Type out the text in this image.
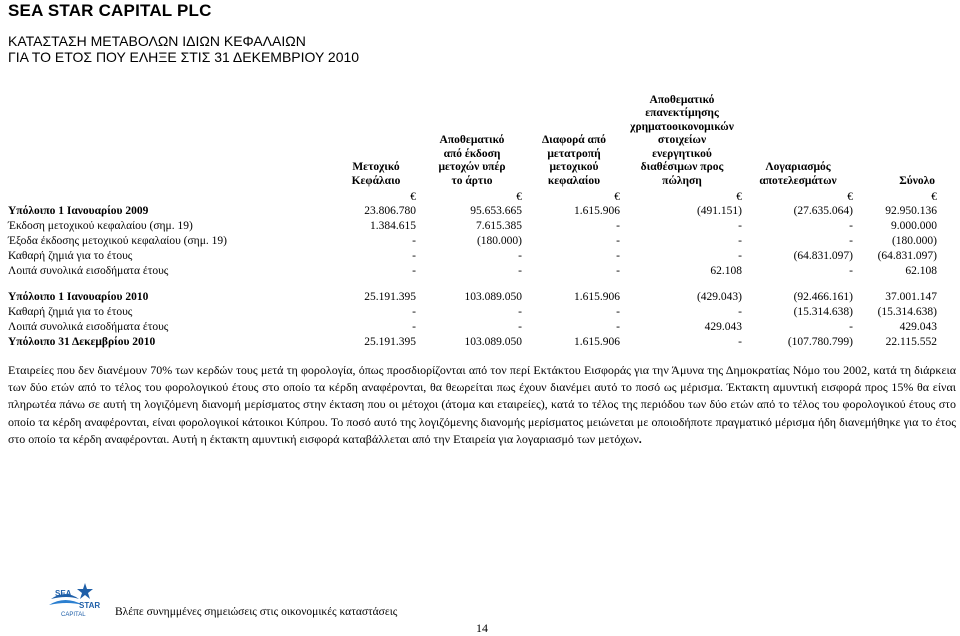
SEA STAR CAPITAL PLC
ΚΑΤΑΣΤΑΣΗ ΜΕΤΑΒΟΛΩΝ ΙΔΙΩΝ ΚΕΦΑΛΑΙΩΝ
ΓΙΑ ΤΟ ΕΤΟΣ ΠΟΥ ΕΛΗΞΕ ΣΤΙΣ 31 ΔΕΚΕΜΒΡΙΟΥ 2010
Μετοχικό
Κεφάλαιο
€
Αποθεματικό
από έκδοση
μετοχών υπέρ
το άρτιο
€
Διαφορά από
μετατροπή
μετοχικού
κεφαλαίου
€
Αποθεματικό
επανεκτίμησης
χρηματοοικονομικών
στοιχείων
ενεργητικού
διαθέσιμων προς
πώληση
€
Λογαριασμός
αποτελεσμάτων
€
Σύνολο
€
Υπόλοιπο 1 Ιανουαρίου 2009	23.806.780	95.653.665	1.615.906	(491.151)	(27.635.064)	92.950.136
Έκδοση μετοχικού κεφαλαίου (σημ. 19)	1.384.615	7.615.385	-	-	-	9.000.000
Έξοδα έκδοσης μετοχικού κεφαλαίου (σημ. 19)	-	(180.000)	-	-	-	(180.000)
Καθαρή ζημιά για το έτους	-	-	-	-	(64.831.097)	(64.831.097)
Λοιπά συνολικά εισοδήματα έτους	-	-	-	62.108	-	62.108
Υπόλοιπο 1 Ιανουαρίου 2010	25.191.395	103.089.050	1.615.906	(429.043)	(92.466.161)	37.001.147
Καθαρή ζημιά για το έτους	-	-	-	-	(15.314.638)	(15.314.638)
Λοιπά συνολικά εισοδήματα έτους	-	-	-	429.043	-	429.043
Υπόλοιπο 31 Δεκεμβρίου 2010	25.191.395	103.089.050	1.615.906	-	(107.780.799)	22.115.552
Εταιρείες που δεν διανέμουν 70% των κερδών τους μετά τη φορολογία, όπως προσδιορίζονται από τον περί Εκτάκτου Εισφοράς για την Άμυνα της Δημοκρατίας Νόμο του 2002, κατά τη διάρκεια των δύο ετών από το τέλος του φορολογικού έτους στο οποίο τα κέρδη αναφέρονται, θα θεωρείται πως έχουν διανέμει αυτό το ποσό ως μέρισμα. Έκτακτη αμυντική εισφορά προς 15% θα είναι πληρωτέα πάνω σε αυτή τη λογιζόμενη διανομή μερίσματος στην έκταση που οι μέτοχοι (άτομα και εταιρείες), κατά το τέλος της περιόδου των δύο ετών από το τέλος του φορολογικού έτους στο οποίο τα κέρδη αναφέρονται, είναι φορολογικοί κάτοικοι Κύπρου. Το ποσό αυτό της λογιζόμενης διανομής μερίσματος μειώνεται με οποιοδήποτε πραγματικό μέρισμα ήδη διανεμήθηκε για το έτος στο οποίο τα κέρδη αναφέρονται. Αυτή η έκτακτη αμυντική εισφορά καταβάλλεται από την Εταιρεία για λογαριασμό των μετόχων.
SEA
STAR
CAPITAL	Βλέπε συνημμένες σημειώσεις στις οικονομικές καταστάσεις
14
